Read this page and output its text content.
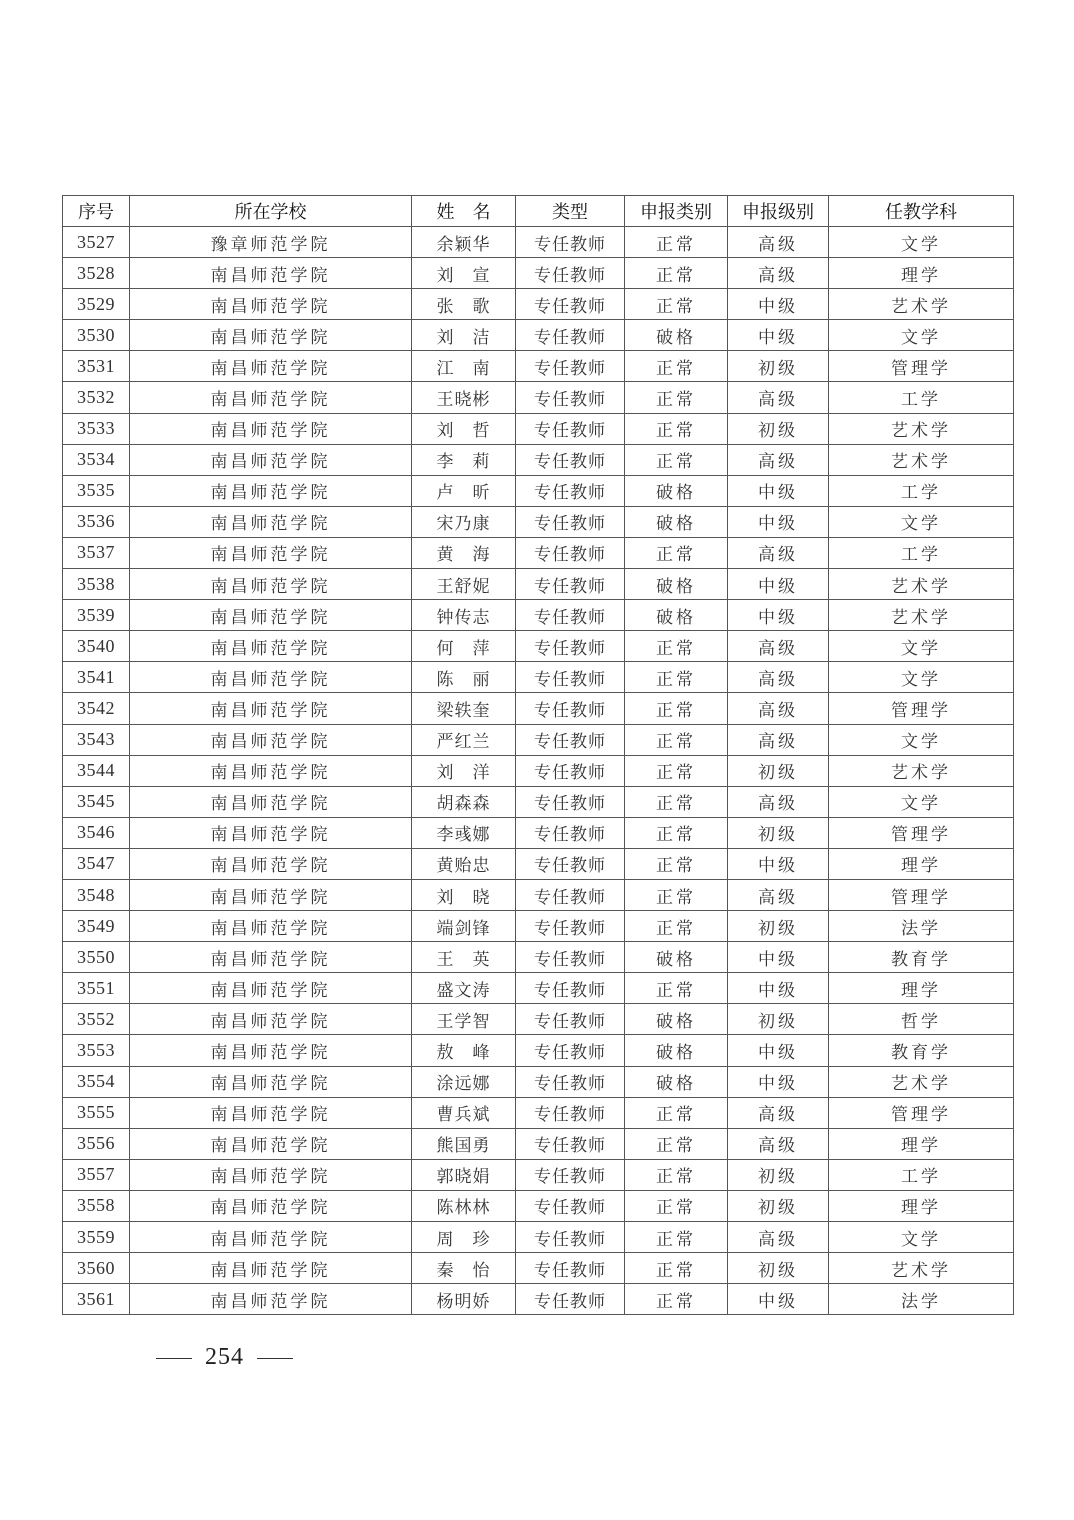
序号	所在学校	姓　名	类型	申报类别	申报级别	任教学科
3527	豫章师范学院	余颖华	专任教师	正常	高级	文学
3528	南昌师范学院	刘　宣	专任教师	正常	高级	理学
3529	南昌师范学院	张　歌	专任教师	正常	中级	艺术学
3530	南昌师范学院	刘　洁	专任教师	破格	中级	文学
3531	南昌师范学院	江　南	专任教师	正常	初级	管理学
3532	南昌师范学院	王晓彬	专任教师	正常	高级	工学
3533	南昌师范学院	刘　哲	专任教师	正常	初级	艺术学
3534	南昌师范学院	李　莉	专任教师	正常	高级	艺术学
3535	南昌师范学院	卢　昕	专任教师	破格	中级	工学
3536	南昌师范学院	宋乃康	专任教师	破格	中级	文学
3537	南昌师范学院	黄　海	专任教师	正常	高级	工学
3538	南昌师范学院	王舒妮	专任教师	破格	中级	艺术学
3539	南昌师范学院	钟传志	专任教师	破格	中级	艺术学
3540	南昌师范学院	何　萍	专任教师	正常	高级	文学
3541	南昌师范学院	陈　丽	专任教师	正常	高级	文学
3542	南昌师范学院	梁轶奎	专任教师	正常	高级	管理学
3543	南昌师范学院	严红兰	专任教师	正常	高级	文学
3544	南昌师范学院	刘　洋	专任教师	正常	初级	艺术学
3545	南昌师范学院	胡森森	专任教师	正常	高级	文学
3546	南昌师范学院	李彧娜	专任教师	正常	初级	管理学
3547	南昌师范学院	黄贻忠	专任教师	正常	中级	理学
3548	南昌师范学院	刘　晓	专任教师	正常	高级	管理学
3549	南昌师范学院	端剑锋	专任教师	正常	初级	法学
3550	南昌师范学院	王　英	专任教师	破格	中级	教育学
3551	南昌师范学院	盛文涛	专任教师	正常	中级	理学
3552	南昌师范学院	王学智	专任教师	破格	初级	哲学
3553	南昌师范学院	敖　峰	专任教师	破格	中级	教育学
3554	南昌师范学院	涂远娜	专任教师	破格	中级	艺术学
3555	南昌师范学院	曹兵斌	专任教师	正常	高级	管理学
3556	南昌师范学院	熊国勇	专任教师	正常	高级	理学
3557	南昌师范学院	郭晓娟	专任教师	正常	初级	工学
3558	南昌师范学院	陈林林	专任教师	正常	初级	理学
3559	南昌师范学院	周　珍	专任教师	正常	高级	文学
3560	南昌师范学院	秦　怡	专任教师	正常	初级	艺术学
3561	南昌师范学院	杨明娇	专任教师	正常	中级	法学
254
